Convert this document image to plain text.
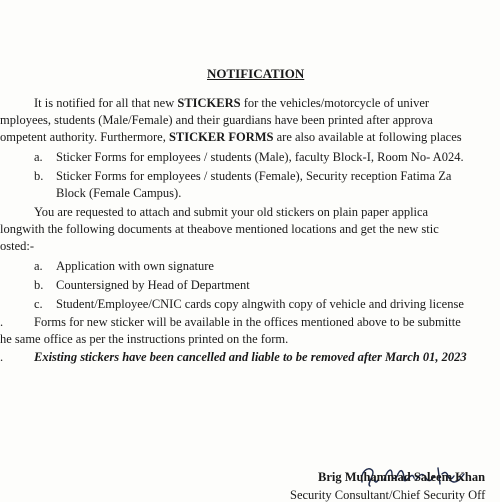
NOTIFICATION
It is notified for all that new STICKERS for the vehicles/motorcycle of univer
mployees, students (Male/Female) and their guardians have been printed after approva
ompetent authority. Furthermore, STICKER FORMS are also available at following places
a. Sticker Forms for employees / students (Male), faculty Block-I, Room No- A024.
b. Sticker Forms for employees / students (Female), Security reception Fatima Za
Block (Female Campus).
You are requested to attach and submit your old stickers on plain paper applica
longwith the following documents at theabove mentioned locations and get the new stic
osted:-
a. Application with own signature
b. Countersigned by Head of Department
c. Student/Employee/CNIC cards copy alngwith copy of vehicle and driving license
. Forms for new sticker will be available in the offices mentioned above to be submitte
he same office as per the instructions printed on the form.
. Existing stickers have been cancelled and liable to be removed after March 01, 2023
Brig Muhammad Saleem Khan
Security Consultant/Chief Security Off
